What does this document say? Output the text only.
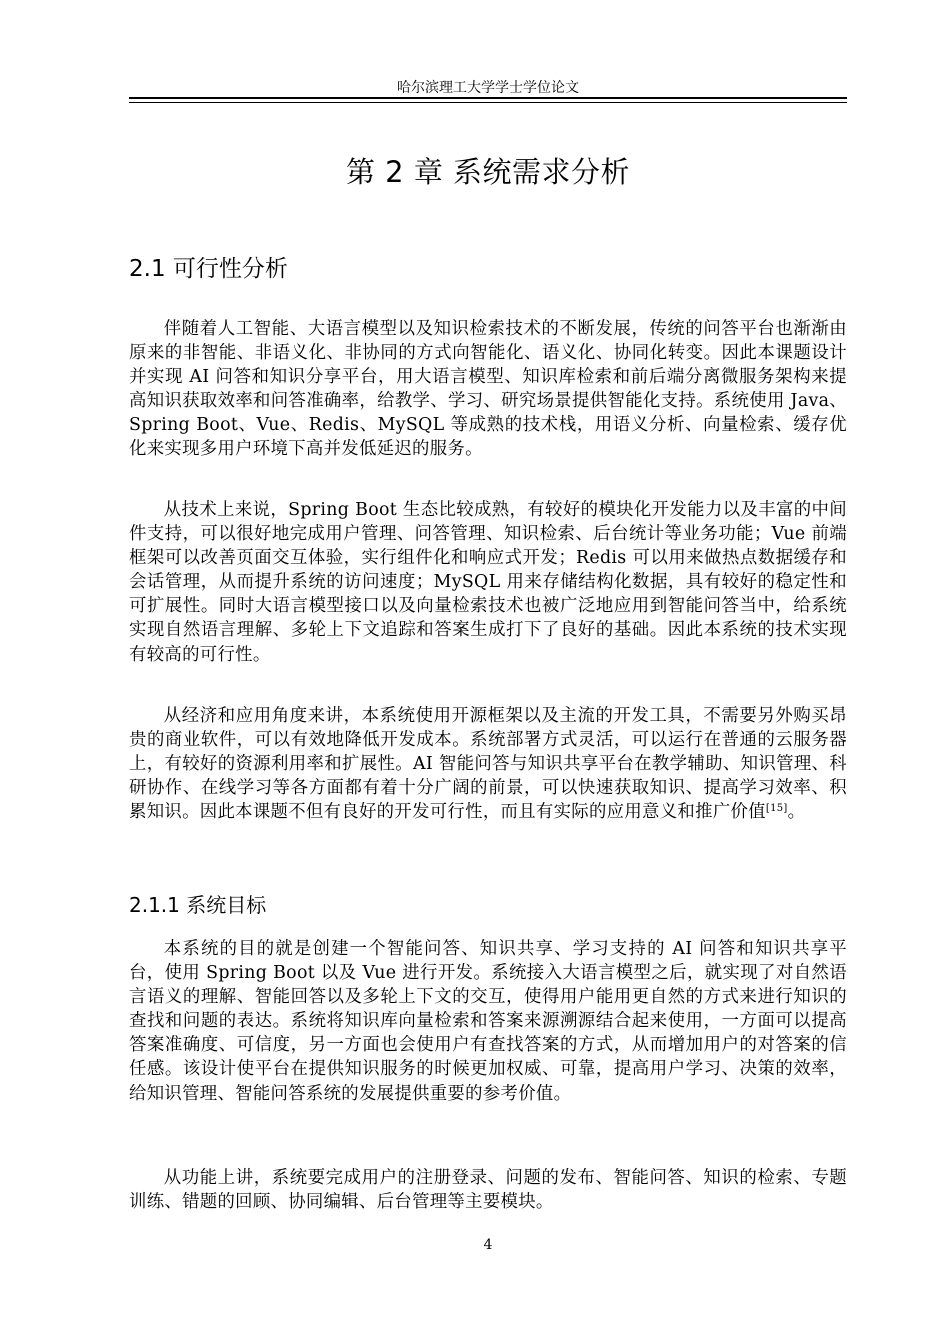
哈尔滨理工大学学士学位论文
第 2 章 系统需求分析
2.1 可行性分析

伴随着人工智能、大语言模型以及知识检索技术的不断发展，传统的问答平台也渐渐由原来的非智能、非语义化、非协同的方式向智能化、语义化、协同化转变。因此本课题设计并实现 AI 问答和知识分享平台，用大语言模型、知识库检索和前后端分离微服务架构来提高知识获取效率和问答准确率，给教学、学习、研究场景提供智能化支持。系统使用 Java、Spring Boot、Vue、Redis、MySQL 等成熟的技术栈，用语义分析、向量检索、缓存优化来实现多用户环境下高并发低延迟的服务。

从技术上来说，Spring Boot 生态比较成熟，有较好的模块化开发能力以及丰富的中间件支持，可以很好地完成用户管理、问答管理、知识检索、后台统计等业务功能；Vue 前端框架可以改善页面交互体验，实行组件化和响应式开发；Redis 可以用来做热点数据缓存和会话管理，从而提升系统的访问速度；MySQL 用来存储结构化数据，具有较好的稳定性和可扩展性。同时大语言模型接口以及向量检索技术也被广泛地应用到智能问答当中，给系统实现自然语言理解、多轮上下文追踪和答案生成打下了良好的基础。因此本系统的技术实现有较高的可行性。

从经济和应用角度来讲，本系统使用开源框架以及主流的开发工具，不需要另外购买昂贵的商业软件，可以有效地降低开发成本。系统部署方式灵活，可以运行在普通的云服务器上，有较好的资源利用率和扩展性。AI 智能问答与知识共享平台在教学辅助、知识管理、科研协作、在线学习等各方面都有着十分广阔的前景，可以快速获取知识、提高学习效率、积累知识。因此本课题不但有良好的开发可行性，而且有实际的应用意义和推广价值[15]。

2.1.1 系统目标

本系统的目的就是创建一个智能问答、知识共享、学习支持的 AI 问答和知识共享平台，使用 Spring Boot 以及 Vue 进行开发。系统接入大语言模型之后，就实现了对自然语言语义的理解、智能回答以及多轮上下文的交互，使得用户能用更自然的方式来进行知识的查找和问题的表达。系统将知识库向量检索和答案来源溯源结合起来使用，一方面可以提高答案准确度、可信度，另一方面也会使用户有查找答案的方式，从而增加用户的对答案的信任感。该设计使平台在提供知识服务的时候更加权威、可靠，提高用户学习、决策的效率，给知识管理、智能问答系统的发展提供重要的参考价值。

从功能上讲，系统要完成用户的注册登录、问题的发布、智能问答、知识的检索、专题训练、错题的回顾、协同编辑、后台管理等主要模块。

4
